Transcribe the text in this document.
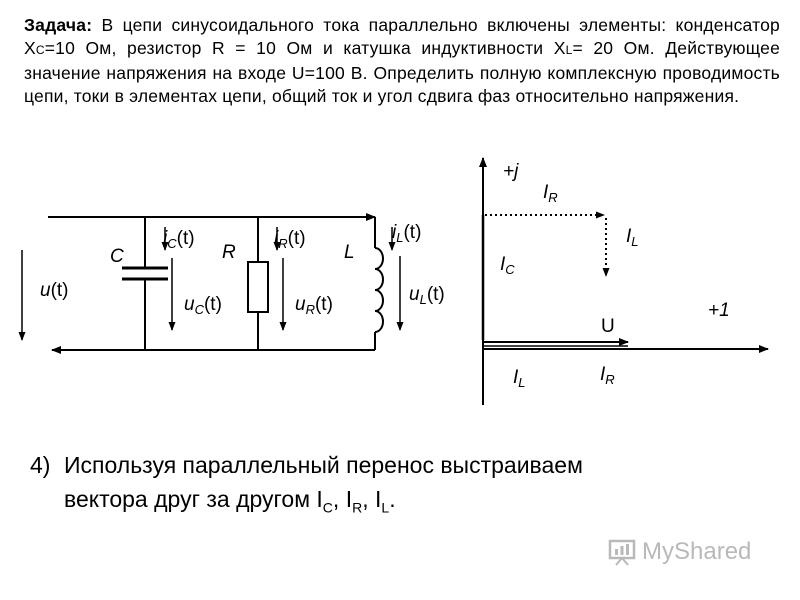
Задача: В цепи синусоидального тока параллельно включены элементы: конденсатор XC=10 Ом, резистор R = 10 Ом и катушка индуктивности XL= 20 Ом. Действующее значение напряжения на входе U=100 В. Определить полную комплексную проводимость цепи, токи в элементах цепи, общий ток и угол сдвига фаз относительно напряжения.
u(t)
C	R	L
$i_C(t)$	$i_R(t)$	$i_L(t)$
$u_C(t)$	$u_R(t)$	$u_L(t)$
+j
+1
U
$I_R$
$I_L$
$I_C$
$I_L$	$I_R$
4) Используя параллельный перенос выстраиваем
вектора друг за другом $I_C$, $I_R$, $I_L$.
MyShared
